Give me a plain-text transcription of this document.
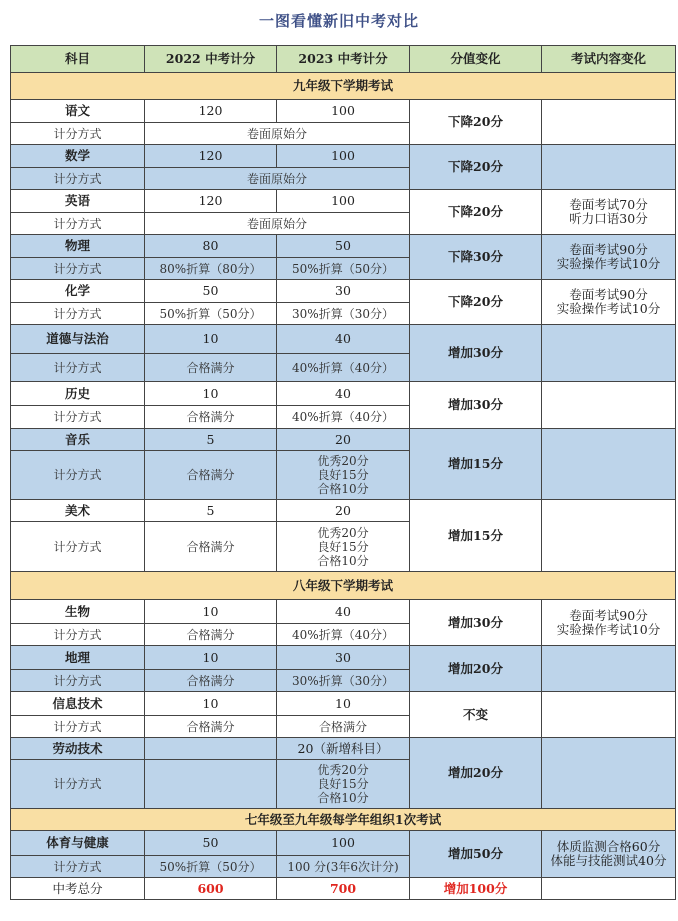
一图看懂新旧中考对比
科目	2022 中考计分	2023 中考计分	分值变化	考试内容变化
九年级下学期考试				
语文	120	100	下降20分	
计分方式	卷面原始分			
数学	120	100	下降20分	
计分方式	卷面原始分			
英语	120	100	下降20分	卷面考试70分
听力口语30分

计分方式	卷面原始分			
物理	80	50	下降30分	卷面考试90分
实验操作考试10分

计分方式	80%折算（80分）	50%折算（50分）		
化学	50	30	下降20分	卷面考试90分
实验操作考试10分

计分方式	50%折算（50分）	30%折算（30分）		
道德与法治	10	40	增加30分	
计分方式	合格满分	40%折算（40分）		
历史	10	40	增加30分	
计分方式	合格满分	40%折算（40分）		
音乐	5	20	增加15分	
计分方式	合格满分	优秀20分
良好15分
合格10分		

美术	5	20	增加15分	
计分方式	合格满分	优秀20分
良好15分
合格10分		

八年级下学期考试				
生物	10	40	增加30分	卷面考试90分
实验操作考试10分

计分方式	合格满分	40%折算（40分）		
地理	10	30	增加20分	
计分方式	合格满分	30%折算（30分）		
信息技术	10	10	不变	
计分方式	合格满分	合格满分		
劳动技术		20（新增科目）	增加20分	
计分方式		优秀20分
良好15分
合格10分		

七年级至九年级每学年组织1次考试				
体育与健康	50	100	增加50分	体质监测合格60分
体能与技能测试40分

计分方式	50%折算（50分）	100 分(3年6次计分)		
中考总分	600	700	增加100分	
